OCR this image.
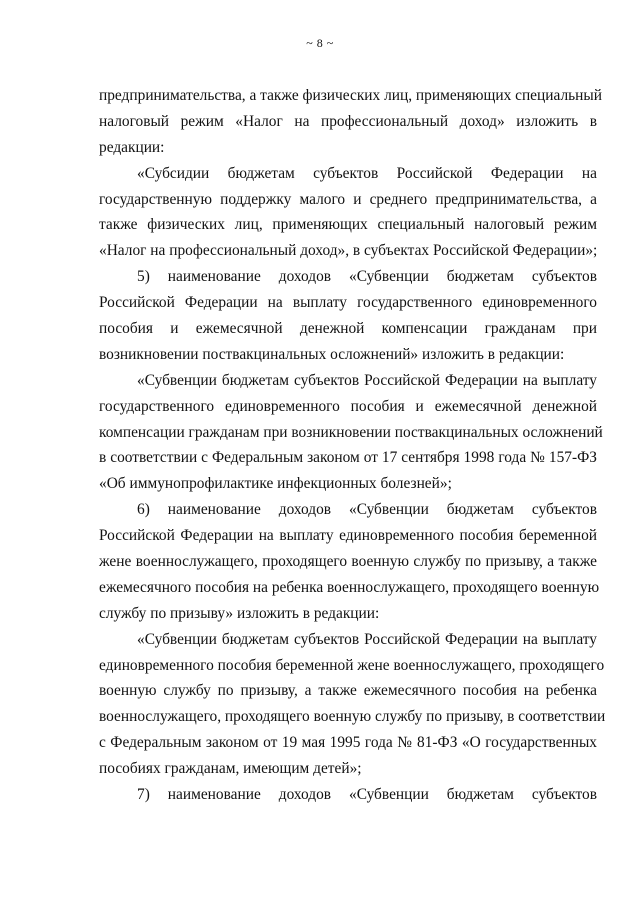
~ 8 ~
предпринимательства, а также физических лиц, применяющих специальный
налоговый режим «Налог на профессиональный доход» изложить в
редакции:
«Субсидии бюджетам субъектов Российской Федерации на
государственную поддержку малого и среднего предпринимательства, а
также физических лиц, применяющих специальный налоговый режим
«Налог на профессиональный доход», в субъектах Российской Федерации»;
5) наименование доходов «Субвенции бюджетам субъектов
Российской Федерации на выплату государственного единовременного
пособия и ежемесячной денежной компенсации гражданам при
возникновении поствакцинальных осложнений» изложить в редакции:
«Субвенции бюджетам субъектов Российской Федерации на выплату
государственного единовременного пособия и ежемесячной денежной
компенсации гражданам при возникновении поствакцинальных осложнений
в соответствии с Федеральным законом от 17 сентября 1998 года № 157-ФЗ
«Об иммунопрофилактике инфекционных болезней»;
6) наименование доходов «Субвенции бюджетам субъектов
Российской Федерации на выплату единовременного пособия беременной
жене военнослужащего, проходящего военную службу по призыву, а также
ежемесячного пособия на ребенка военнослужащего, проходящего военную
службу по призыву» изложить в редакции:
«Субвенции бюджетам субъектов Российской Федерации на выплату
единовременного пособия беременной жене военнослужащего, проходящего
военную службу по призыву, а также ежемесячного пособия на ребенка
военнослужащего, проходящего военную службу по призыву, в соответствии
с Федеральным законом от 19 мая 1995 года № 81-ФЗ «О государственных
пособиях гражданам, имеющим детей»;
7) наименование доходов «Субвенции бюджетам субъектов
